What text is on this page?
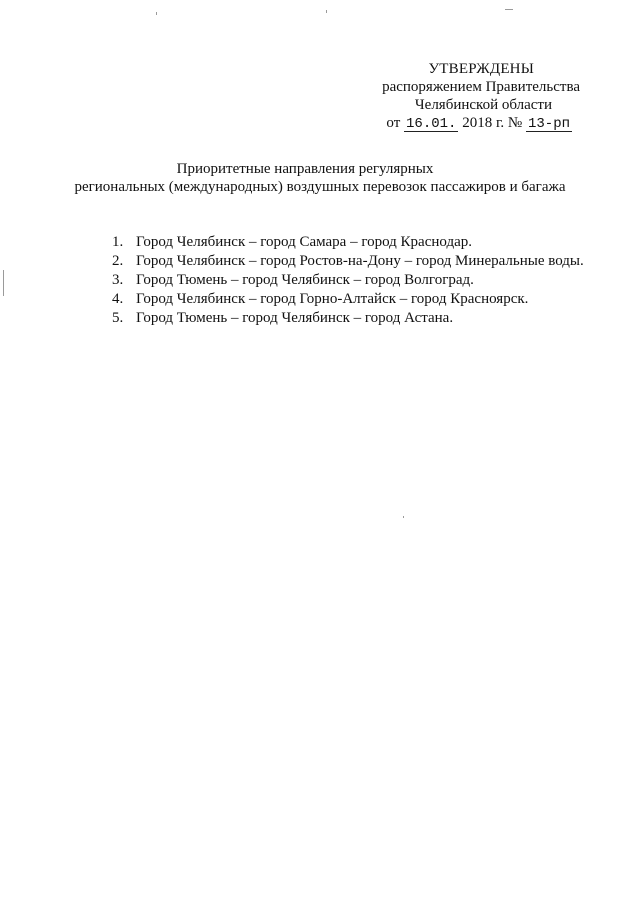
УТВЕРЖДЕНЫ
распоряжением Правительства
Челябинской области
от 16.01. 2018 г. № 13-рп
Приоритетные направления регулярных
региональных (международных) воздушных перевозок пассажиров и багажа
1. Город Челябинск – город Самара – город Краснодар.
2. Город Челябинск – город Ростов-на-Дону – город Минеральные воды.
3. Город Тюмень – город Челябинск – город Волгоград.
4. Город Челябинск – город Горно-Алтайск – город Красноярск.
5. Город Тюмень – город Челябинск – город Астана.
